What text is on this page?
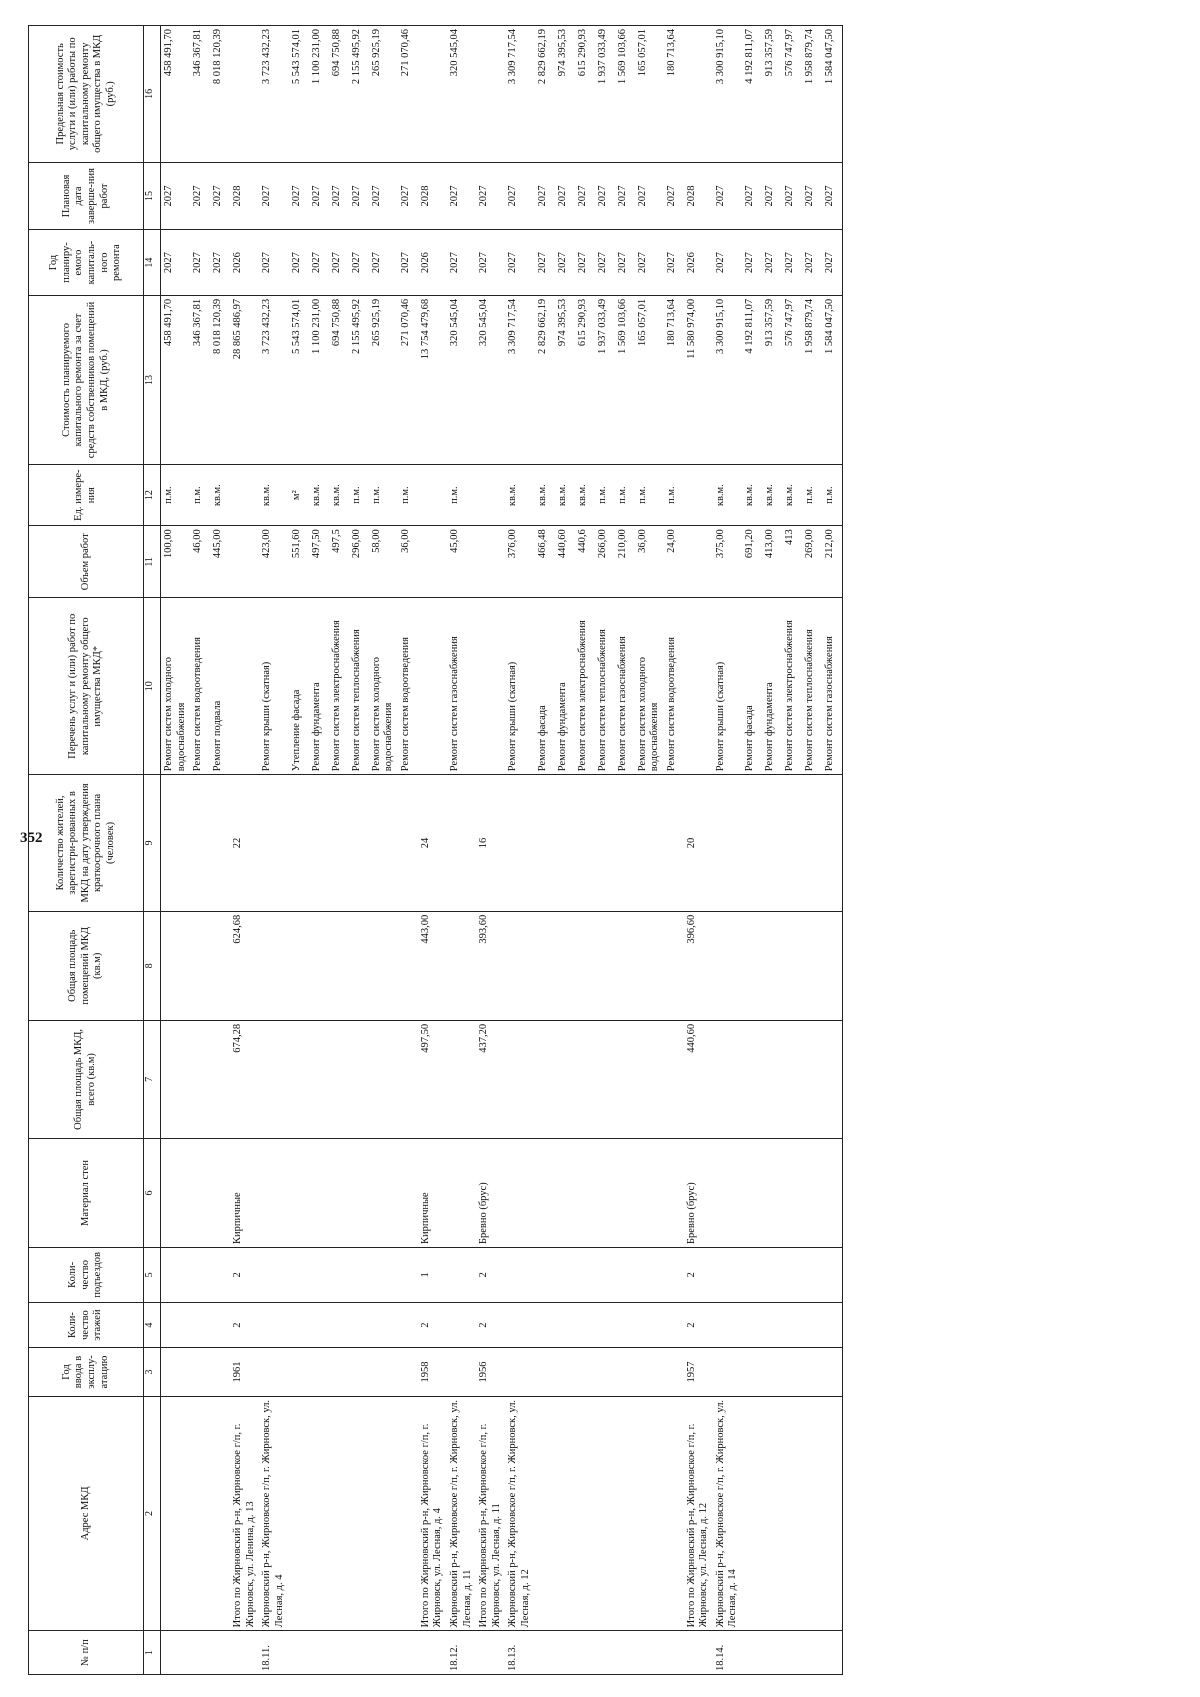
352
№ п/п	Адрес МКД	Год ввода в эксплу-атацию	Коли-чество этажей	Коли-чество подъездов	Материал стен	Общая площадь МКД, всего (кв.м)	Общая площадь помещений МКД (кв.м)	Количество жителей, зарегистри-рованных в МКД на дату утверждения краткосрочного плана (человек)	Перечень услуг и (или) работ по капитальному ремонту общего имущества МКД*	Объем работ	Ед. измере-ния	Стоимость планируемого капитального ремонта за счет средств собственников помещений в МКД, (руб.)	Год планиру-емого капиталь-ного ремонта	Плановая дата заверше-ния работ	Предельная стоимость услуги и (или) работы по капитальному ремонту общего имущества в МКД (руб.)
1	2	3	4	5	6	7	8	9	10	11	12	13	14	15	16
									Ремонт систем холодного водоснабжения	100,00	п.м.	458 491,70	2027	2027	458 491,70
									Ремонт систем водоотведения	46,00	п.м.	346 367,81	2027	2027	346 367,81
									Ремонт подвала	445,00	кв.м.	8 018 120,39	2027	2027	8 018 120,39
	Итого по Жирновский р-н, Жирновское г/п, г. Жирновск, ул. Ленина, д. 13	1961	2	2	Кирпичные	674,28	624,68	22				28 865 486,97	2026	2028	
18.11.	Жирновский р-н, Жирновское г/п, г. Жирновск, ул. Лесная, д. 4								Ремонт крыши (скатная)	423,00	кв.м.	3 723 432,23	2027	2027	3 723 432,23
									Утепление фасада	551,60	м²	5 543 574,01	2027	2027	5 543 574,01
									Ремонт фундамента	497,50	кв.м.	1 100 231,00	2027	2027	1 100 231,00
									Ремонт систем электроснабжения	497,5	кв.м.	694 750,88	2027	2027	694 750,88
									Ремонт систем теплоснабжения	296,00	п.м.	2 155 495,92	2027	2027	2 155 495,92
									Ремонт систем холодного водоснабжения	58,00	п.м.	265 925,19	2027	2027	265 925,19
									Ремонт систем водоотведения	36,00	п.м.	271 070,46	2027	2027	271 070,46
	Итого по Жирновский р-н, Жирновское г/п, г. Жирновск, ул. Лесная, д. 4	1958	2	1	Кирпичные	497,50	443,00	24				13 754 479,68	2026	2028	
18.12.	Жирновский р-н, Жирновское г/п, г. Жирновск, ул. Лесная, д. 11								Ремонт систем газоснабжения	45,00	п.м.	320 545,04	2027	2027	320 545,04
	Итого по Жирновский р-н, Жирновское г/п, г. Жирновск, ул. Лесная, д. 11	1956	2	2	Бревно (брус)	437,20	393,60	16				320 545,04	2027	2027	
18.13.	Жирновский р-н, Жирновское г/п, г. Жирновск, ул. Лесная, д. 12								Ремонт крыши (скатная)	376,00	кв.м.	3 309 717,54	2027	2027	3 309 717,54
									Ремонт фасада	466,48	кв.м.	2 829 662,19	2027	2027	2 829 662,19
									Ремонт фундамента	440,60	кв.м.	974 395,53	2027	2027	974 395,53
									Ремонт систем электроснабжения	440,6	кв.м.	615 290,93	2027	2027	615 290,93
									Ремонт систем теплоснабжения	266,00	п.м.	1 937 033,49	2027	2027	1 937 033,49
									Ремонт систем газоснабжения	210,00	п.м.	1 569 103,66	2027	2027	1 569 103,66
									Ремонт систем холодного водоснабжения	36,00	п.м.	165 057,01	2027	2027	165 057,01
									Ремонт систем водоотведения	24,00	п.м.	180 713,64	2027	2027	180 713,64
	Итого по Жирновский р-н, Жирновское г/п, г. Жирновск, ул. Лесная, д. 12	1957	2	2	Бревно (брус)	440,60	396,60	20				11 580 974,00	2026	2028	
18.14.	Жирновский р-н, Жирновское г/п, г. Жирновск, ул. Лесная, д. 14								Ремонт крыши (скатная)	375,00	кв.м.	3 300 915,10	2027	2027	3 300 915,10
									Ремонт фасада	691,20	кв.м.	4 192 811,07	2027	2027	4 192 811,07
									Ремонт фундамента	413,00	кв.м.	913 357,59	2027	2027	913 357,59
									Ремонт систем электроснабжения	413	кв.м.	576 747,97	2027	2027	576 747,97
									Ремонт систем теплоснабжения	269,00	п.м.	1 958 879,74	2027	2027	1 958 879,74
									Ремонт систем газоснабжения	212,00	п.м.	1 584 047,50	2027	2027	1 584 047,50
